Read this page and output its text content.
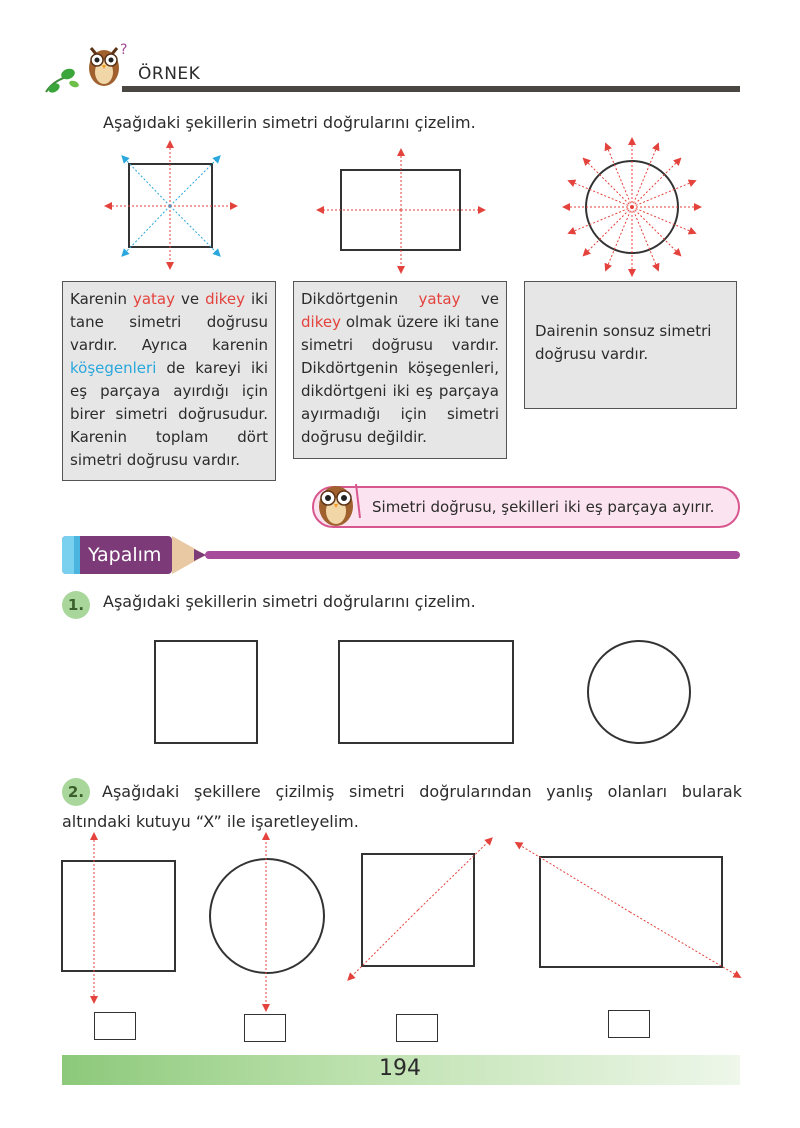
?
ÖRNEK
Aşağıdaki şekillerin simetri doğrularını çizelim.
Karenin yatay ve dikey iki tane simetri doğrusu vardır. Ayrıca karenin köşegenleri de kareyi iki eş parçaya ayırdığı için birer simetri doğrusudur. Karenin toplam dört simetri doğrusu vardır.
Dikdörtgenin yatay ve dikey olmak üzere iki tane simetri doğrusu vardır. Dikdörtgenin köşegenleri, dikdörtgeni iki eş parçaya ayırmadığı için simetri doğrusu değildir.
Dairenin sonsuz simetri doğrusu vardır.
Simetri doğrusu, şekilleri iki eş parçaya ayırır.
Yapalım
1.	Aşağıdaki şekillerin simetri doğrularını çizelim.
2.	Aşağıdaki şekillere çizilmiş simetri doğrularından yanlış olanları bularak altındaki kutuyu “X” ile işaretleyelim.
194
